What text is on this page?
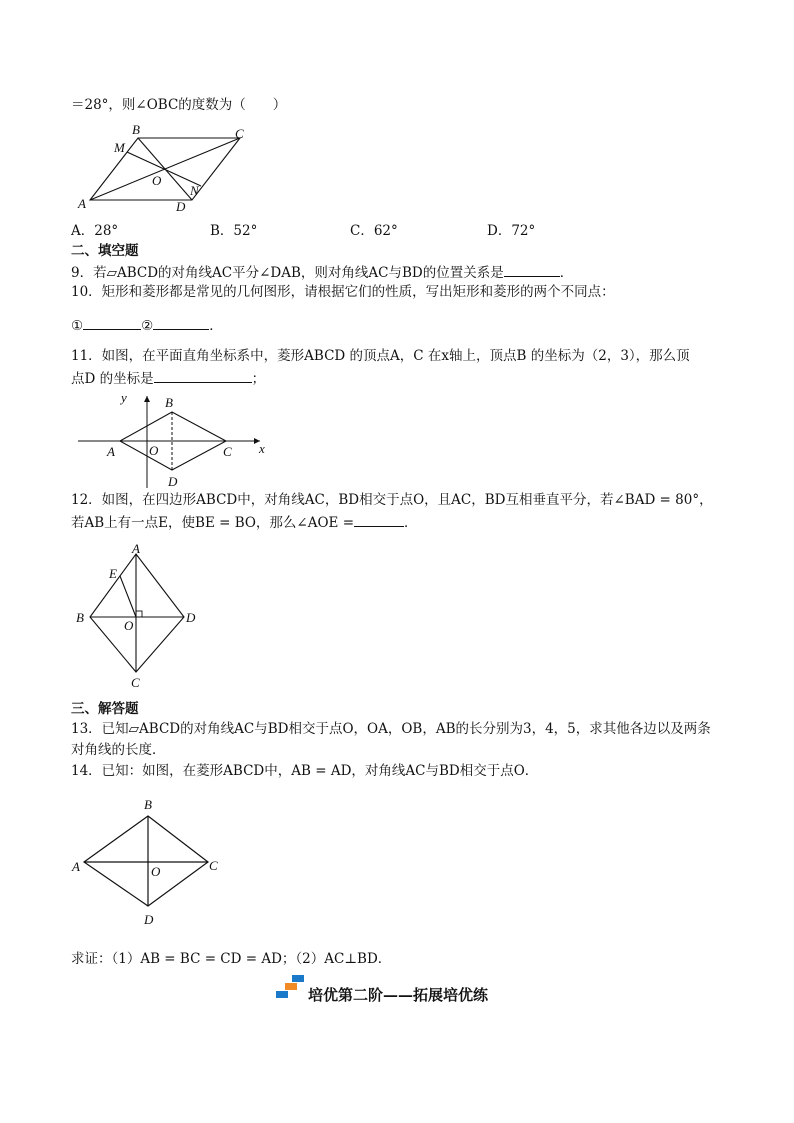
＝28°，则∠OBC的度数为（　　）
B	C
M
O
N
A	D
A．28°	B．52°	C．62°	D．72°
二、填空题
9．若▱ABCD的对角线AC平分∠DAB，则对角线AC与BD的位置关系是	．
10．矩形和菱形都是常见的几何图形，请根据它们的性质，写出矩形和菱形的两个不同点：
①	②	．
11．如图，在平面直角坐标系中，菱形ABCD 的顶点A，C 在x轴上，顶点B 的坐标为（2，3），那么顶
点D 的坐标是	；
y
x
A
B
C
D
O
12．如图，在四边形ABCD中，对角线AC，BD相交于点O，且AC，BD互相垂直平分，若∠BAD = 80°，
若AB上有一点E，使BE = BO，那么∠AOE =	．
A
E
B
O
D
C
三、解答题
13．已知▱ABCD的对角线AC与BD相交于点O，OA，OB，AB的长分别为3，4，5，求其他各边以及两条
对角线的长度．
14．已知：如图，在菱形ABCD中，AB = AD，对角线AC与BD相交于点O．
B
A	C
O
D
求证：（1）AB = BC = CD = AD；（2）AC⊥BD．
培优第二阶——拓展培优练
